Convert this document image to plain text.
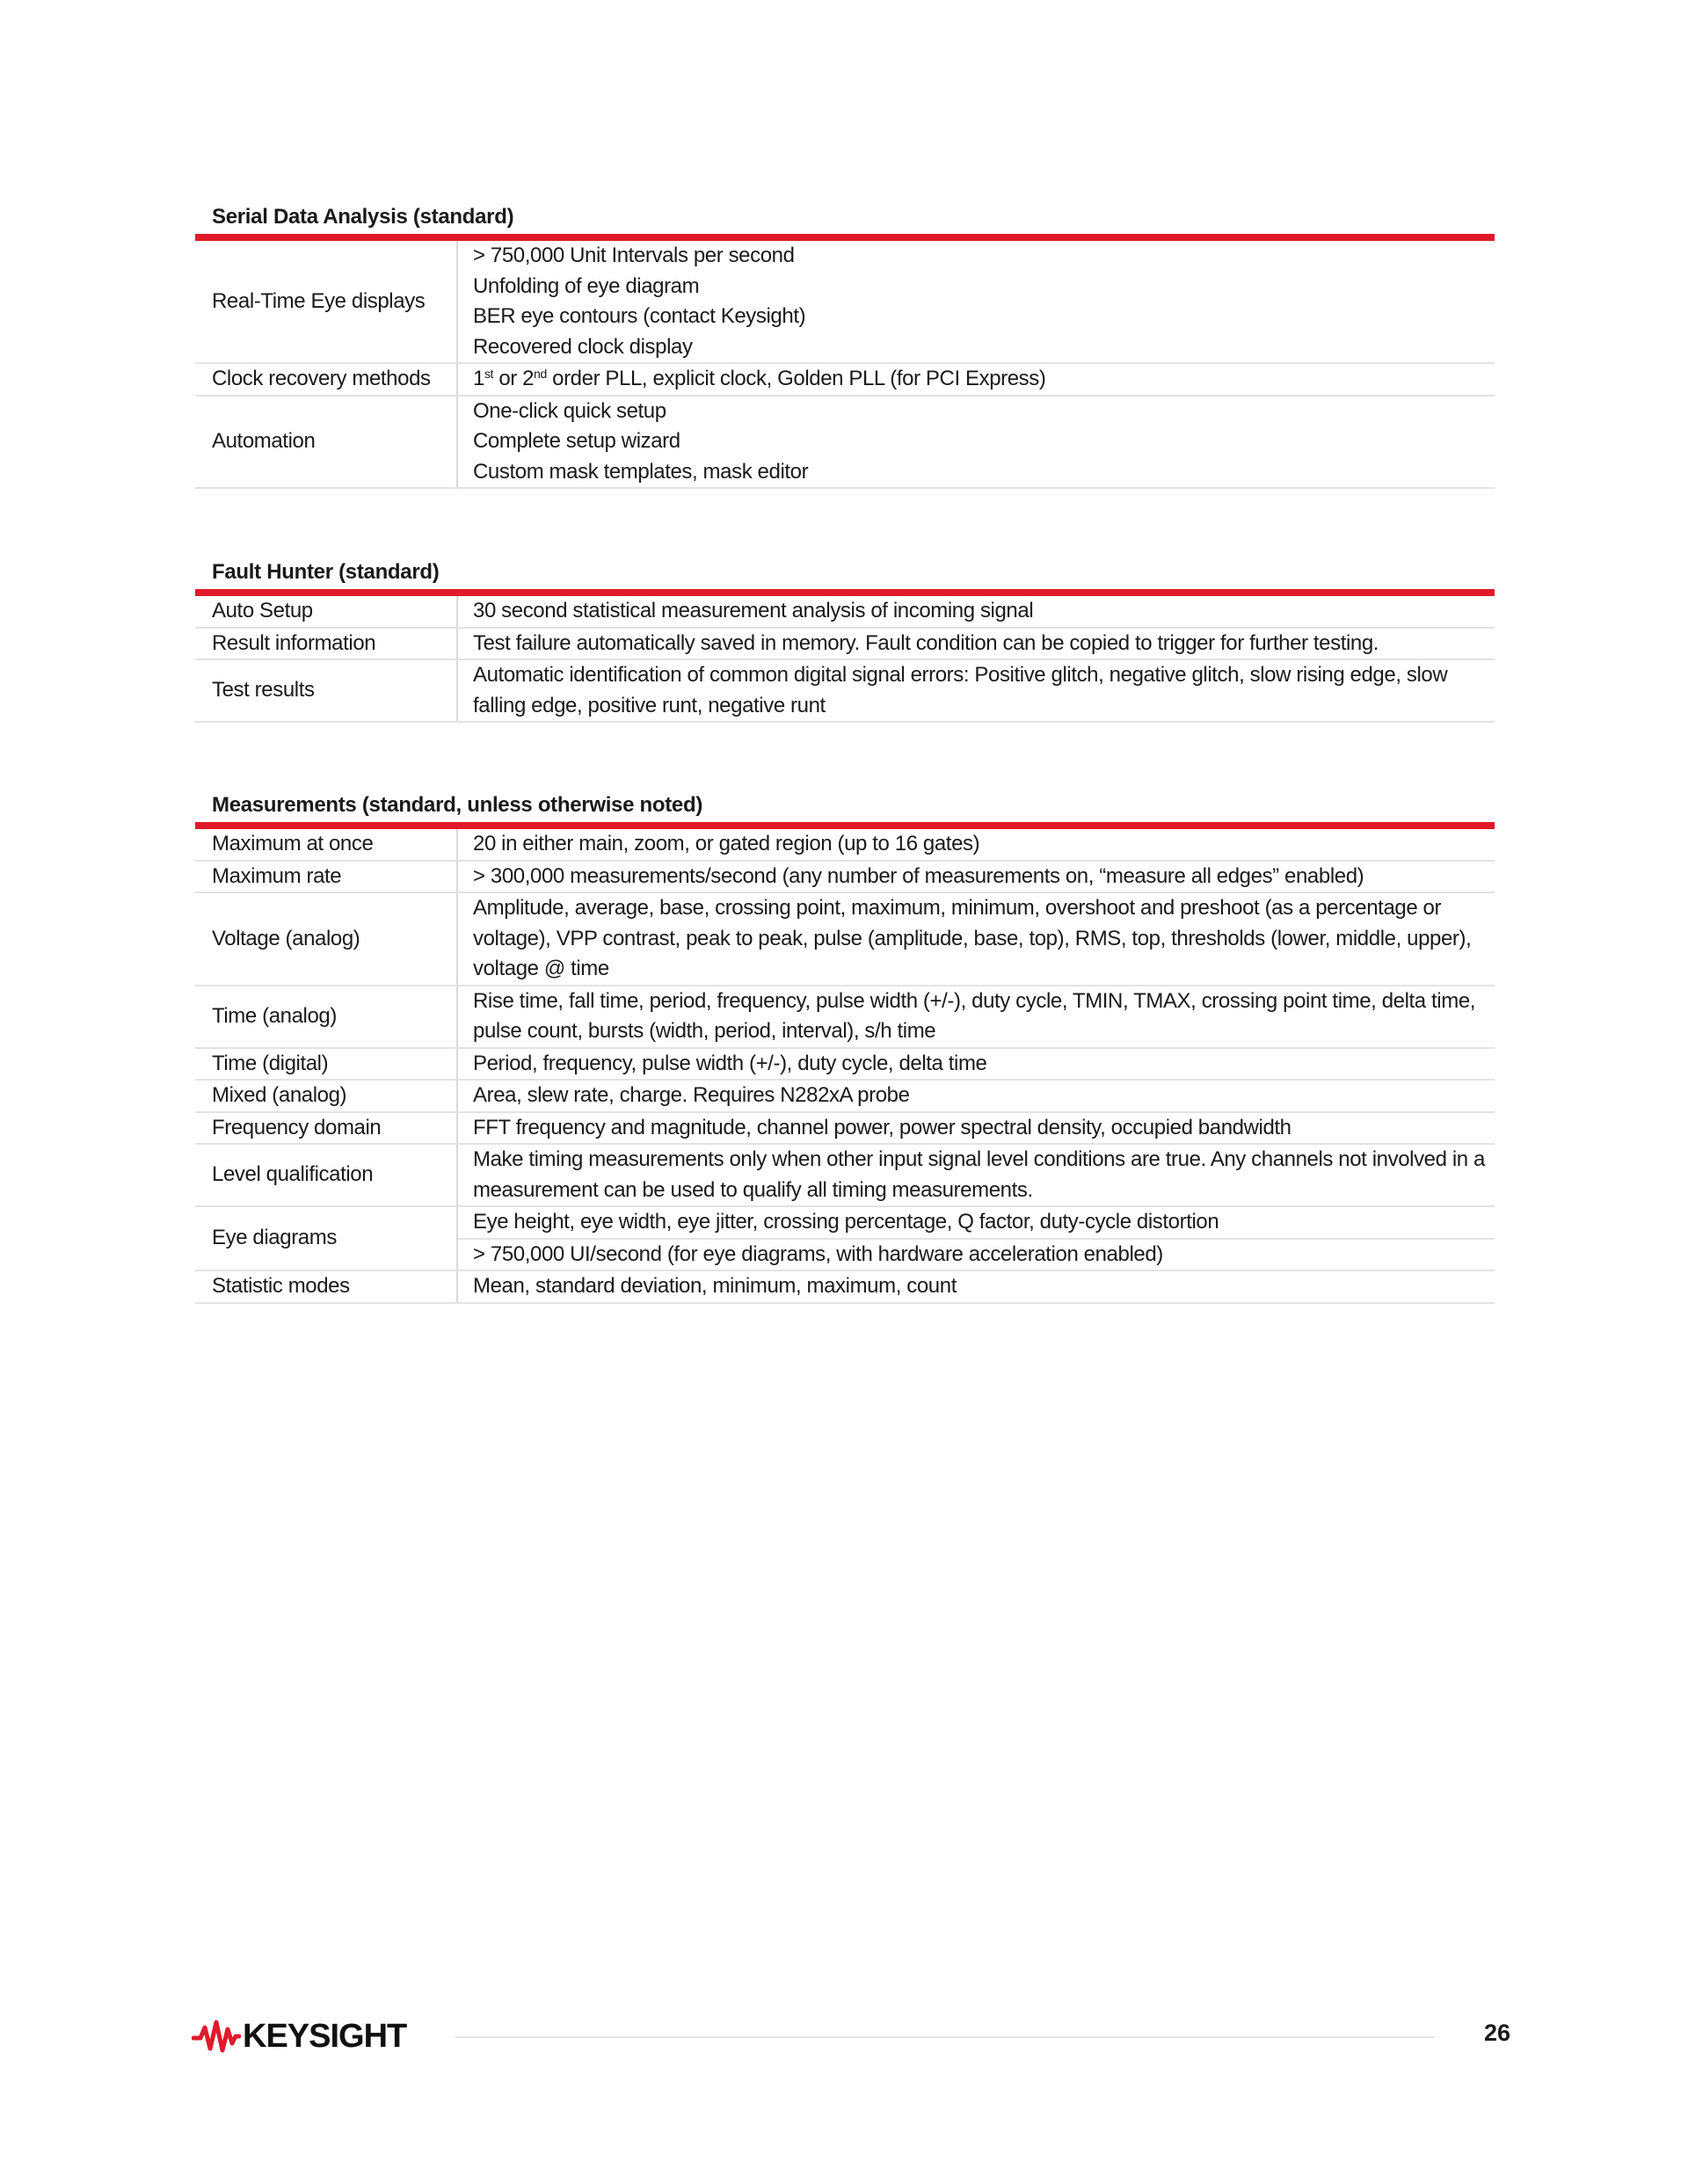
Serial Data Analysis (standard)
Real-Time Eye displays	> 750,000 Unit Intervals per second
Unfolding of eye diagram
BER eye contours (contact Keysight)
Recovered clock display

Clock recovery methods	1st or 2nd order PLL, explicit clock, Golden PLL (for PCI Express)
Automation	One-click quick setup
Complete setup wizard
Custom mask templates, mask editor
Fault Hunter (standard)
Auto Setup	30 second statistical measurement analysis of incoming signal
Result information	Test failure automatically saved in memory. Fault condition can be copied to trigger for further testing.
Test results	Automatic identification of common digital signal errors: Positive glitch, negative glitch, slow rising edge, slow falling edge, positive runt, negative runt
Measurements (standard, unless otherwise noted)
Maximum at once	20 in either main, zoom, or gated region (up to 16 gates)
Maximum rate	> 300,000 measurements/second (any number of measurements on, “measure all edges” enabled)
Voltage (analog)	Amplitude, average, base, crossing point, maximum, minimum, overshoot and preshoot (as a percentage or voltage), VPP contrast, peak to peak, pulse (amplitude, base, top), RMS, top, thresholds (lower, middle, upper), voltage @ time
Time (analog)	Rise time, fall time, period, frequency, pulse width (+/-), duty cycle, TMIN, TMAX, crossing point time, delta time, pulse count, bursts (width, period, interval), s/h time
Time (digital)	Period, frequency, pulse width (+/-), duty cycle, delta time
Mixed (analog)	Area, slew rate, charge. Requires N282xA probe
Frequency domain	FFT frequency and magnitude, channel power, power spectral density, occupied bandwidth
Level qualification	Make timing measurements only when other input signal level conditions are true. Any channels not involved in a measurement can be used to qualify all timing measurements.
Eye diagrams	Eye height, eye width, eye jitter, crossing percentage, Q factor, duty-cycle distortion
	> 750,000 UI/second (for eye diagrams, with hardware acceleration enabled)
Statistic modes	Mean, standard deviation, minimum, maximum, count
KEYSIGHT	26
